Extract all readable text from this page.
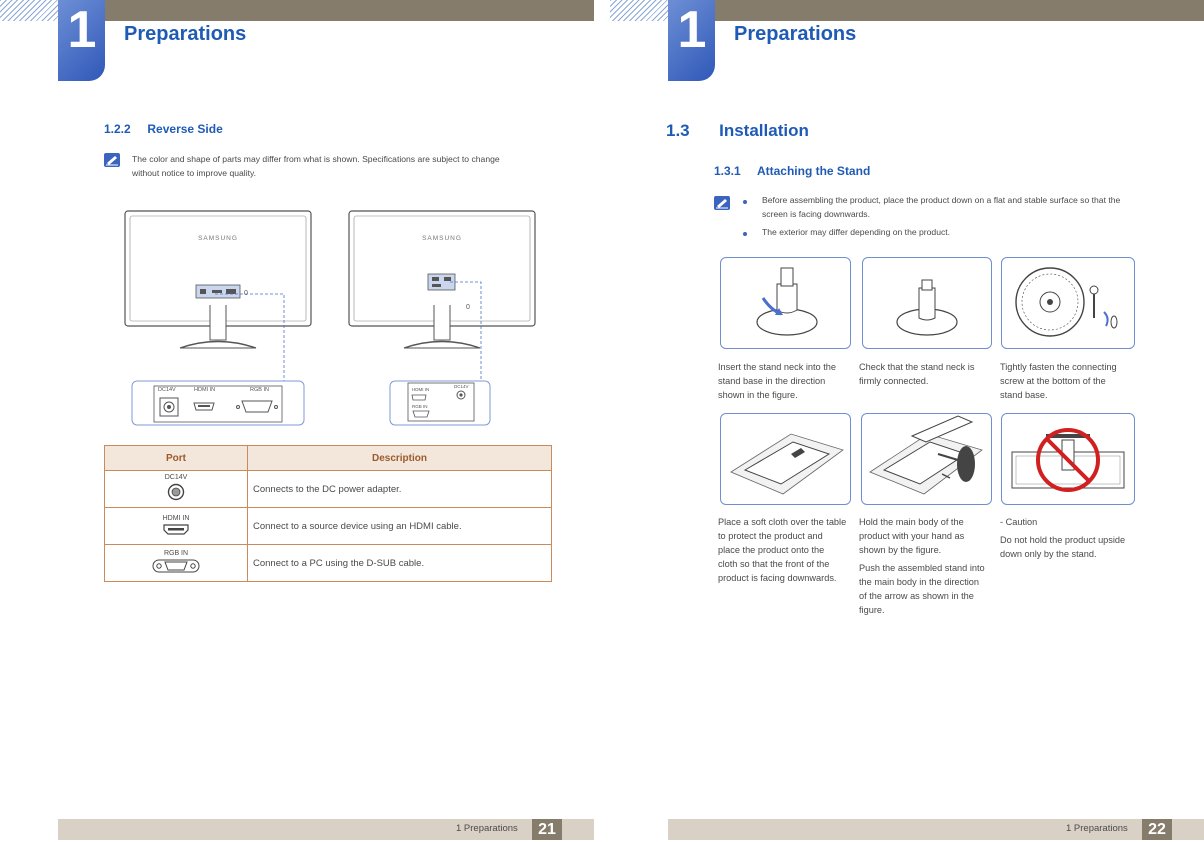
1	Preparations
1.2.2 Reverse Side
The color and shape of parts may differ from what is shown. Specifications are subject to change
without notice to improve quality.
SAMSUNG
0
SAMSUNG
0
DC14V	HDMI IN	RGB IN	HDMI IN
DC14V
RGB IN
Port	Description

DC14V	Connects to the DC power adapter.

HDMI IN	Connect to a source device using an HDMI cable.

RGB IN	Connect to a PC using the D-SUB cable.
1 Preparations	21
1	Preparations
1.3 Installation
1.3.1 Attaching the Stand
Before assembling the product, place the product down on a flat and stable surface so that the
screen is facing downwards.
The exterior may differ depending on the product.
Insert the stand neck into the
stand base in the direction
shown in the figure.
Check that the stand neck is
firmly connected.
Tightly fasten the connecting
screw at the bottom of the
stand base.
Place a soft cloth over the table
to protect the product and
place the product onto the
cloth so that the front of the
product is facing downwards.
Hold the main body of the
product with your hand as
shown by the figure.
Push the assembled stand into
the main body in the direction
of the arrow as shown in the
figure.
- Caution
Do not hold the product upside
down only by the stand.
1 Preparations	22
